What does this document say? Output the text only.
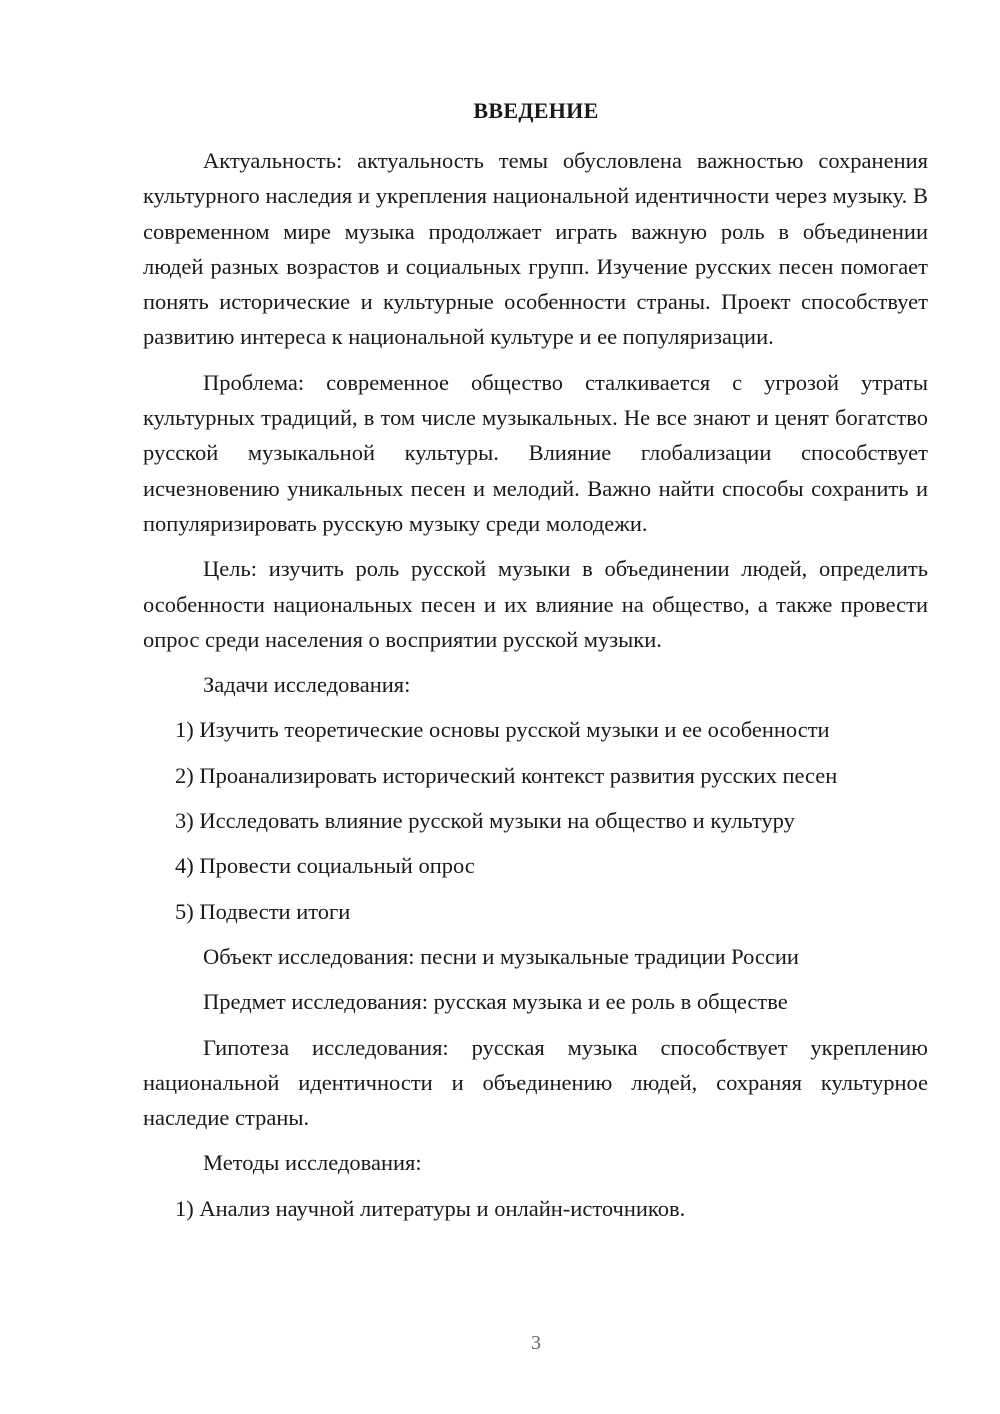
ВВЕДЕНИЕ

Актуальность: актуальность темы обусловлена важностью сохранения культурного наследия и укрепления национальной идентичности через музыку. В современном мире музыка продолжает играть важную роль в объединении людей разных возрастов и социальных групп. Изучение русских песен помогает понять исторические и культурные особенности страны. Проект способствует развитию интереса к национальной культуре и ее популяризации.

Проблема: современное общество сталкивается с угрозой утраты культурных традиций, в том числе музыкальных. Не все знают и ценят богатство русской музыкальной культуры. Влияние глобализации способствует исчезновению уникальных песен и мелодий. Важно найти способы сохранить и популяризировать русскую музыку среди молодежи.

Цель: изучить роль русской музыки в объединении людей, определить особенности национальных песен и их влияние на общество, а также провести опрос среди населения о восприятии русской музыки.

Задачи исследования:

1) Изучить теоретические основы русской музыки и ее особенности

2) Проанализировать исторический контекст развития русских песен

3) Исследовать влияние русской музыки на общество и культуру

4) Провести социальный опрос

5) Подвести итоги

Объект исследования: песни и музыкальные традиции России

Предмет исследования: русская музыка и ее роль в обществе

Гипотеза исследования: русская музыка способствует укреплению национальной идентичности и объединению людей, сохраняя культурное наследие страны.

Методы исследования:

1) Анализ научной литературы и онлайн-источников.

3
